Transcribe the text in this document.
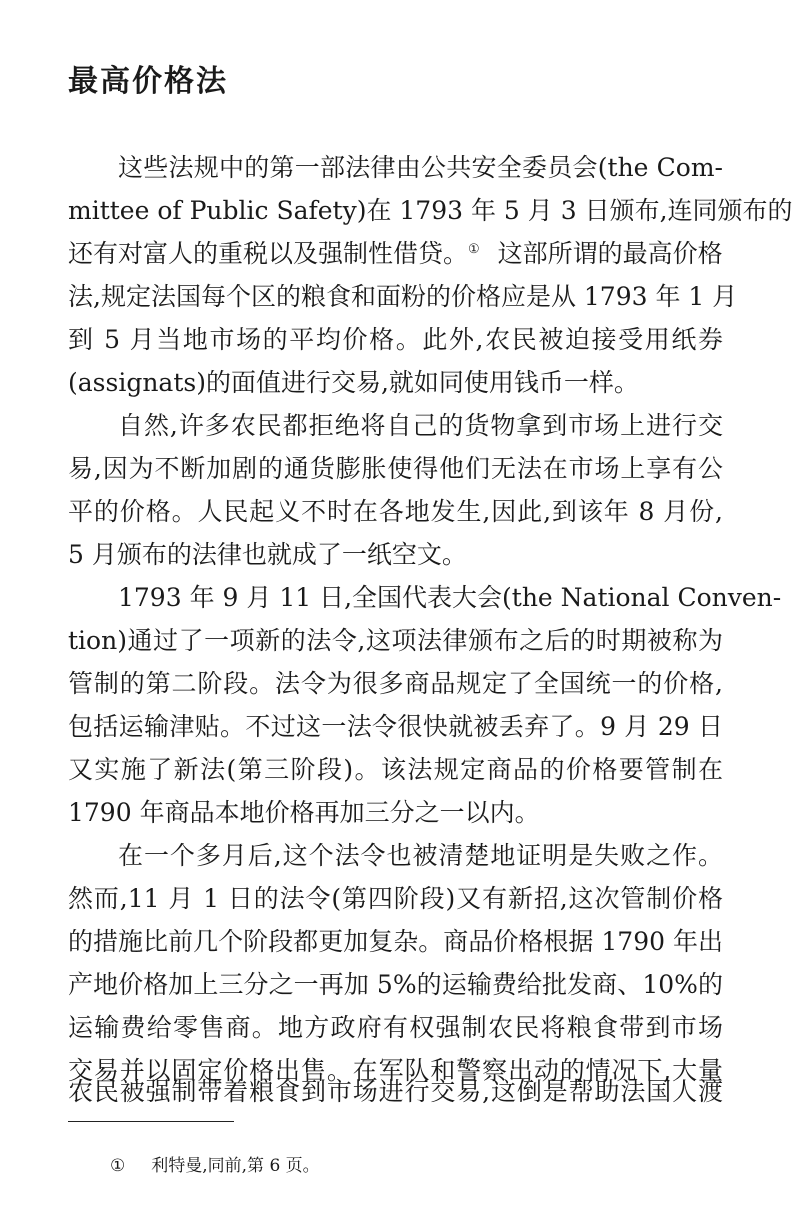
最高价格法

这些法规中的第一部法律由公共安全委员会(the Com-

mittee of Public Safety)在 1793 年 5 月 3 日颁布,连同颁布的

还有对富人的重税以及强制性借贷。① 这部所谓的最高价格

法,规定法国每个区的粮食和面粉的价格应是从 1793 年 1 月

到 5 月当地市场的平均价格。此外,农民被迫接受用纸券

(assignats)的面值进行交易,就如同使用钱币一样。

自然,许多农民都拒绝将自己的货物拿到市场上进行交

易,因为不断加剧的通货膨胀使得他们无法在市场上享有公

平的价格。人民起义不时在各地发生,因此,到该年 8 月份,

5 月颁布的法律也就成了一纸空文。

1793 年 9 月 11 日,全国代表大会(the National Conven-

tion)通过了一项新的法令,这项法律颁布之后的时期被称为

管制的第二阶段。法令为很多商品规定了全国统一的价格,

包括运输津贴。不过这一法令很快就被丢弃了。9 月 29 日

又实施了新法(第三阶段)。该法规定商品的价格要管制在

1790 年商品本地价格再加三分之一以内。

在一个多月后,这个法令也被清楚地证明是失败之作。

然而,11 月 1 日的法令(第四阶段)又有新招,这次管制价格

的措施比前几个阶段都更加复杂。商品价格根据 1790 年出

产地价格加上三分之一再加 5%的运输费给批发商、10%的

运输费给零售商。地方政府有权强制农民将粮食带到市场

交易并以固定价格出售。在军队和警察出动的情况下,大量

① 利特曼,同前,第 6 页。

农民被强制带着粮食到市场进行交易,这倒是帮助法国人渡
